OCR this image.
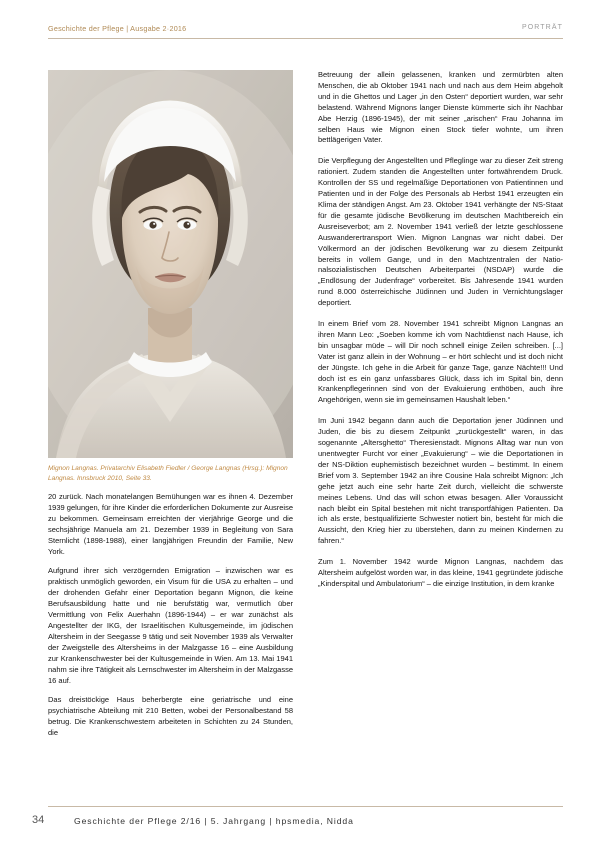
Geschichte der Pflege | Ausgabe 2·2016	PORTRÄT
Mignon Langnas. Privatarchiv Elisabeth Fiedler / George Langnas (Hrsg.): Mignon Langnas. Innsbruck 2010, Seite 33.

20 zurück. Nach monatelangen Bemühungen war es ihnen 4. Dezember 1939 gelungen, für ihre Kinder die erforderlichen Dokumente zur Ausreise zu bekommen. Gemeinsam erreichten der vierjährige George und die sechsjährige Manuela am 21. Dezember 1939 in Begleitung von Sara Sternlicht (1898-1988), einer langjährigen Freundin der Familie, New York.

Aufgrund ihrer sich verzögernden Emigration – inzwischen war es praktisch unmöglich geworden, ein Visum für die USA zu erhalten – und der drohenden Gefahr einer Deportation begann Mignon, die keine Berufsausbildung hatte und nie berufstätig war, vermutlich über Vermittlung von Felix Auerhahn (1896-1944) – er war zunächst als Angestellter der IKG, der Israelitischen Kultusgemeinde, im jüdischen Altersheim in der Seegasse 9 tätig und seit November 1939 als Verwalter der Zweigstelle des Altersheims in der Malzgasse 16 – eine Ausbildung zur Krankenschwester bei der Kultusgemeinde in Wien. Am 13. Mai 1941 nahm sie ihre Tätigkeit als Lernschwester im Altersheim in der Malzgasse 16 auf.

Das dreistöckige Haus beherbergte eine geriatrische und eine psychiatrische Abteilung mit 210 Betten, wobei der Personalbestand 58 betrug. Die Krankenschwestern arbeiteten in Schichten zu 24 Stunden, die

Betreuung der allein gelassenen, kranken und zermürbten alten Menschen, die ab Oktober 1941 nach und nach aus dem Heim abgeholt und in die Ghettos und Lager „in den Osten“ deportiert wurden, war sehr belastend. Während Mignons langer Dienste kümmerte sich ihr Nachbar Abe Herzig (1896-1945), der mit seiner „arischen“ Frau Johanna im selben Haus wie Mignon einen Stock tiefer wohnte, um ihren bettlägerigen Vater.

Die Verpflegung der Angestellten und Pfleglinge war zu dieser Zeit streng rationiert. Zudem standen die Angestellten unter fortwährendem Druck. Kontrollen der SS und regelmäßige Deportationen von Patientinnen und Patienten und in der Folge des Personals ab Herbst 1941 erzeugten ein Klima der ständigen Angst. Am 23. Oktober 1941 verhängte der NS-Staat für die gesamte jüdische Bevölkerung im deutschen Machtbereich ein Ausreiseverbot; am 2. November 1941 verließ der letzte geschlossene Auswanderertransport Wien. Mignon Langnas war nicht dabei. Der Völkermord an der jüdischen Bevölkerung war zu diesem Zeitpunkt bereits in vollem Gange, und in den Machtzentralen der Nationalsozialistischen Deutschen Arbeiterpartei (NSDAP) wurde die „Endlösung der Judenfrage“ vorbereitet. Bis Jahresende 1941 wurden rund 8.000 österreichische Jüdinnen und Juden in Vernichtungslager deportiert.

In einem Brief vom 28. November 1941 schreibt Mignon Langnas an ihren Mann Leo: „Soeben komme ich vom Nachtdienst nach Hause, ich bin unsagbar müde – will Dir noch schnell einige Zeilen schreiben. [...] Vater ist ganz allein in der Wohnung – er hört schlecht und ist doch nicht der Jüngste. Ich gehe in die Arbeit für ganze Tage, ganze Nächte!!! Und doch ist es ein ganz unfassbares Glück, dass ich im Spital bin, denn Krankenpflegerinnen sind von der Evakuierung enthöben, auch ihre Angehörigen, wenn sie im gemeinsamen Haushalt leben.“

Im Juni 1942 begann dann auch die Deportation jener Jüdinnen und Juden, die bis zu diesem Zeitpunkt „zurückgestellt“ waren, in das sogenannte „Altersghetto“ Theresienstadt. Mignons Alltag war nun von unentwegter Furcht vor einer „Evakuierung“ – wie die Deportationen in der NS-Diktion euphemistisch bezeichnet wurden – bestimmt. In einem Brief vom 3. September 1942 an ihre Cousine Hala schreibt Mignon: „Ich gehe jetzt auch eine sehr harte Zeit durch, vielleicht die schwerste meines Lebens. Und das will schon etwas besagen. Aller Voraussicht nach bleibt ein Spital bestehen mit nicht transportfähigen Patienten. Da ich als erste, bestqualifizierte Schwester notiert bin, besteht für mich die Aussicht, den Krieg hier zu überstehen, dann zu meinen Kindernen zu fahren.“

Zum 1. November 1942 wurde Mignon Langnas, nachdem das Altersheim aufgelöst worden war, in das kleine, 1941 gegründete jüdische „Kinderspital und Ambulatorium“ – die einzige Institution, in dem kranke

34	Geschichte der Pflege 2/16 | 5. Jahrgang | hpsmedia, Nidda
